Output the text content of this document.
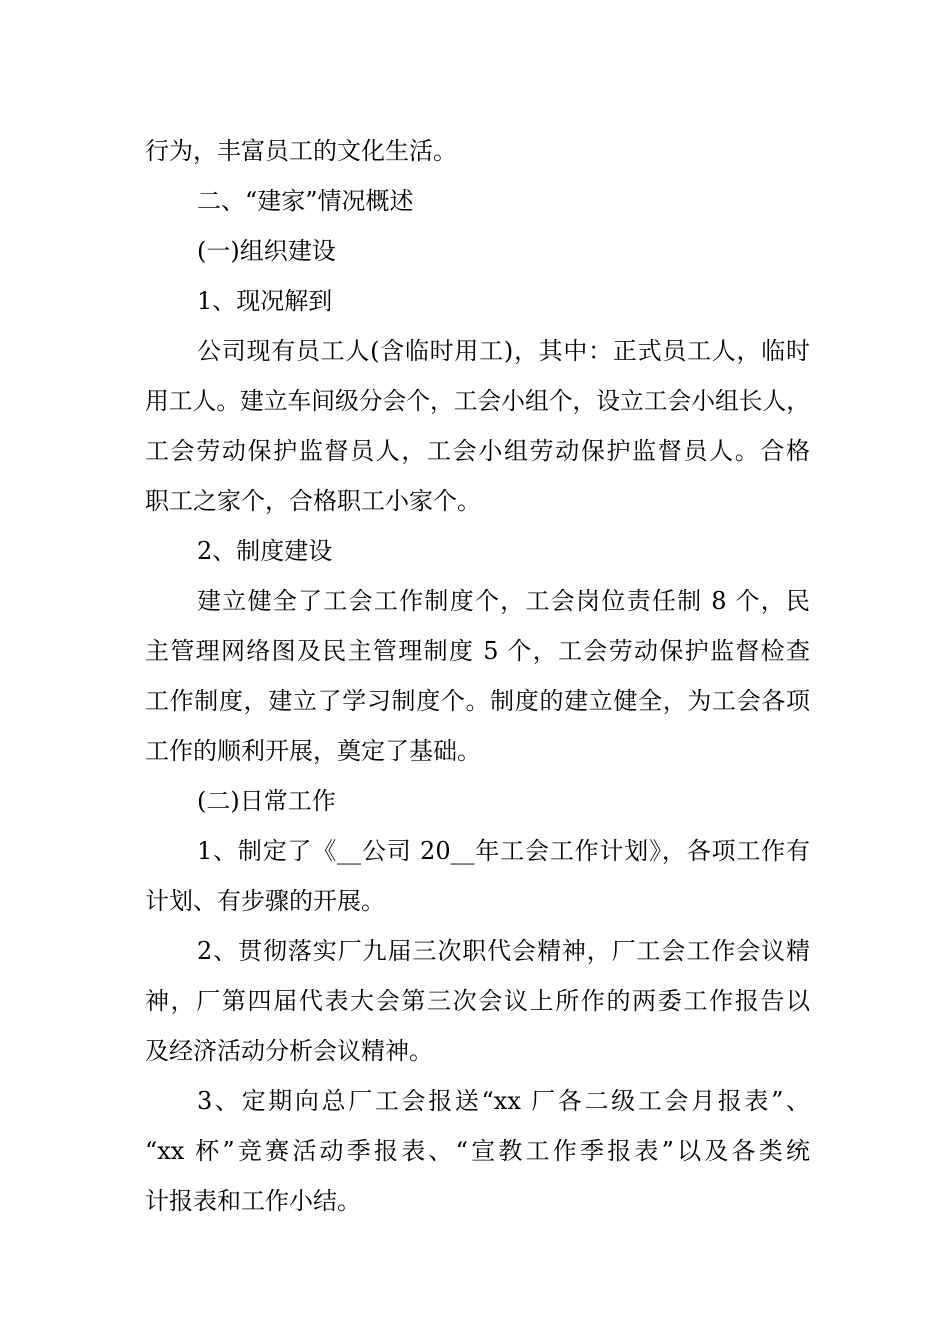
行为，丰富员工的文化生活。
二、“建家”情况概述
(一)组织建设
1、现况解到
公司现有员工人(含临时用工)，其中：正式员工人，临时
用工人。建立车间级分会个，工会小组个，设立工会小组长人，
工会劳动保护监督员人，工会小组劳动保护监督员人。合格
职工之家个，合格职工小家个。
2、制度建设
建立健全了工会工作制度个，工会岗位责任制 8 个，民
主管理网络图及民主管理制度 5 个，工会劳动保护监督检查
工作制度，建立了学习制度个。制度的建立健全，为工会各项
工作的顺利开展，奠定了基础。
(二)日常工作
1、制定了《__公司 20__年工会工作计划》，各项工作有
计划、有步骤的开展。
2、贯彻落实厂九届三次职代会精神，厂工会工作会议精
神，厂第四届代表大会第三次会议上所作的两委工作报告以
及经济活动分析会议精神。
3、定期向总厂工会报送“xx 厂各二级工会月报表”、
“xx 杯”竞赛活动季报表、“宣教工作季报表”以及各类统
计报表和工作小结。
